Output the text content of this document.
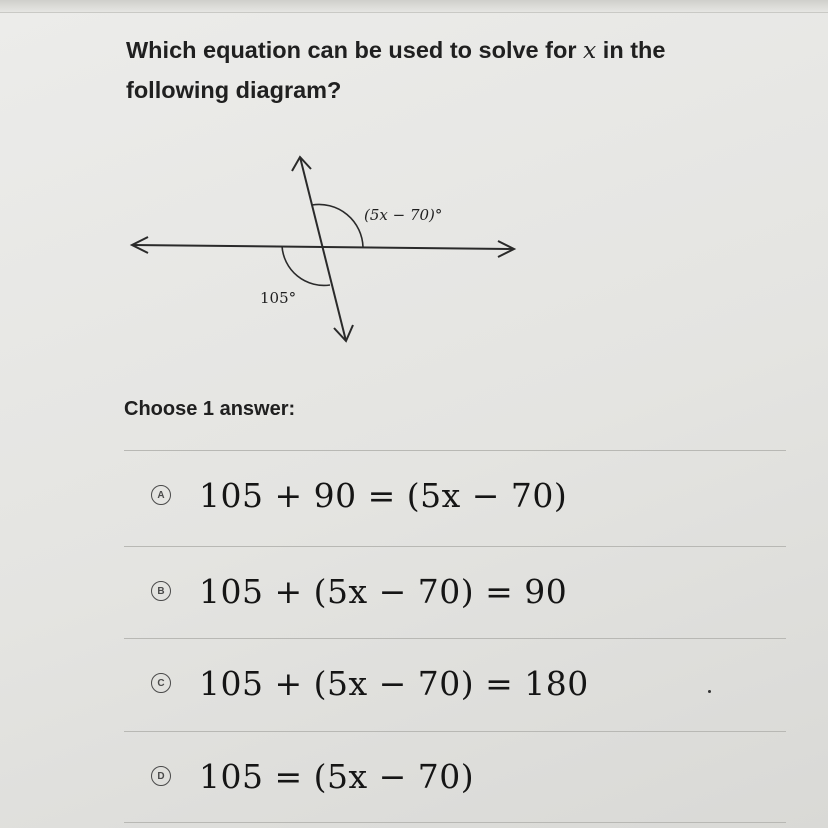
Which equation can be used to solve for x in the following diagram?
(5x − 70)°
105°
Choose 1 answer:
A 105 + 90 = (5x − 70)
B 105 + (5x − 70) = 90
C 105 + (5x − 70) = 180
D 105 = (5x − 70)
